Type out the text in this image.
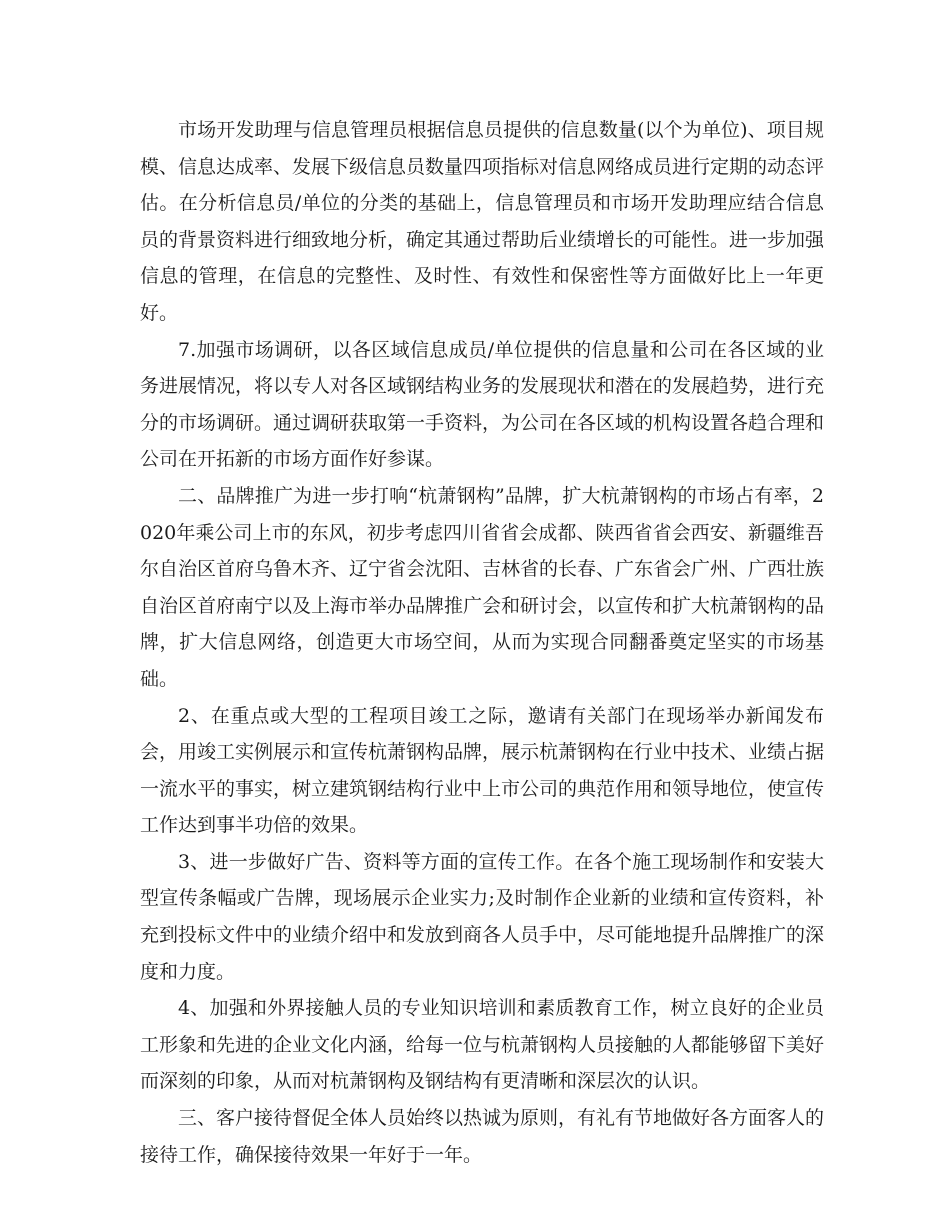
市场开发助理与信息管理员根据信息员提供的信息数量(以个为单位)、项目规模、信息达成率、发展下级信息员数量四项指标对信息网络成员进行定期的动态评估。在分析信息员/单位的分类的基础上，信息管理员和市场开发助理应结合信息员的背景资料进行细致地分析，确定其通过帮助后业绩增长的可能性。进一步加强信息的管理，在信息的完整性、及时性、有效性和保密性等方面做好比上一年更好。

7.加强市场调研，以各区域信息成员/单位提供的信息量和公司在各区域的业务进展情况，将以专人对各区域钢结构业务的发展现状和潜在的发展趋势，进行充分的市场调研。通过调研获取第一手资料，为公司在各区域的机构设置各趋合理和公司在开拓新的市场方面作好参谋。

二、品牌推广为进一步打响“杭萧钢构”品牌，扩大杭萧钢构的市场占有率，2020年乘公司上市的东风，初步考虑四川省省会成都、陕西省省会西安、新疆维吾尔自治区首府乌鲁木齐、辽宁省会沈阳、吉林省的长春、广东省会广州、广西壮族自治区首府南宁以及上海市举办品牌推广会和研讨会，以宣传和扩大杭萧钢构的品牌，扩大信息网络，创造更大市场空间，从而为实现合同翻番奠定坚实的市场基础。

2、在重点或大型的工程项目竣工之际，邀请有关部门在现场举办新闻发布会，用竣工实例展示和宣传杭萧钢构品牌，展示杭萧钢构在行业中技术、业绩占据一流水平的事实，树立建筑钢结构行业中上市公司的典范作用和领导地位，使宣传工作达到事半功倍的效果。

3、进一步做好广告、资料等方面的宣传工作。在各个施工现场制作和安装大型宣传条幅或广告牌，现场展示企业实力;及时制作企业新的业绩和宣传资料，补充到投标文件中的业绩介绍中和发放到商各人员手中，尽可能地提升品牌推广的深度和力度。

4、加强和外界接触人员的专业知识培训和素质教育工作，树立良好的企业员工形象和先进的企业文化内涵，给每一位与杭萧钢构人员接触的人都能够留下美好而深刻的印象，从而对杭萧钢构及钢结构有更清晰和深层次的认识。

三、客户接待督促全体人员始终以热诚为原则，有礼有节地做好各方面客人的接待工作，确保接待效果一年好于一年。
